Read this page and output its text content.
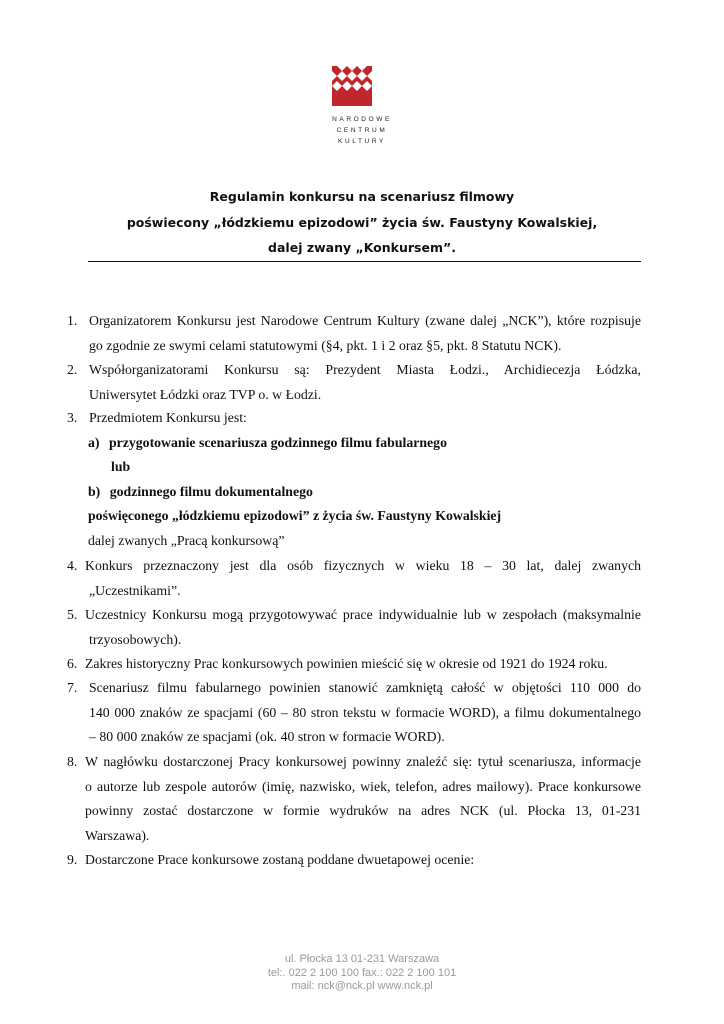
NARODOWE
CENTRUM
KULTURY
Regulamin konkursu na scenariusz filmowy
poświecony „łódzkiemu epizodowi” życia św. Faustyny Kowalskiej,
dalej zwany „Konkursem”.
1. Organizatorem Konkursu jest Narodowe Centrum Kultury (zwane dalej „NCK”), które rozpisuje
go zgodnie ze swymi celami statutowymi (§4, pkt. 1 i 2 oraz §5, pkt. 8 Statutu NCK).
2. Współorganizatorami Konkursu są: Prezydent Miasta Łodzi., Archidiecezja Łódzka,
Uniwersytet Łódzki oraz TVP o. w Łodzi.
3. Przedmiotem Konkursu jest:
a) przygotowanie scenariusza godzinnego filmu fabularnego
lub
b) godzinnego filmu dokumentalnego
poświęconego „łódzkiemu epizodowi” z życia św. Faustyny Kowalskiej
dalej zwanych „Pracą konkursową”
4. Konkurs przeznaczony jest dla osób fizycznych w wieku 18 – 30 lat, dalej zwanych
„Uczestnikami”.
5. Uczestnicy Konkursu mogą przygotowywać prace indywidualnie lub w zespołach (maksymalnie
trzyosobowych).
6. Zakres historyczny Prac konkursowych powinien mieścić się w okresie od 1921 do 1924 roku.
7. Scenariusz filmu fabularnego powinien stanowić zamkniętą całość w objętości 110 000 do
140 000 znaków ze spacjami (60 – 80 stron tekstu w formacie WORD), a filmu dokumentalnego
– 80 000 znaków ze spacjami (ok. 40 stron w formacie WORD).
8. W nagłówku dostarczonej Pracy konkursowej powinny znaleźć się: tytuł scenariusza, informacje
o autorze lub zespole autorów (imię, nazwisko, wiek, telefon, adres mailowy). Prace konkursowe
powinny zostać dostarczone w formie wydruków na adres NCK (ul. Płocka 13, 01-231
Warszawa).
9. Dostarczone Prace konkursowe zostaną poddane dwuetapowej ocenie:
ul. Płocka 13 01-231 Warszawa
tel:. 022 2 100 100 fax.: 022 2 100 101
mail: nck@nck.pl www.nck.pl
